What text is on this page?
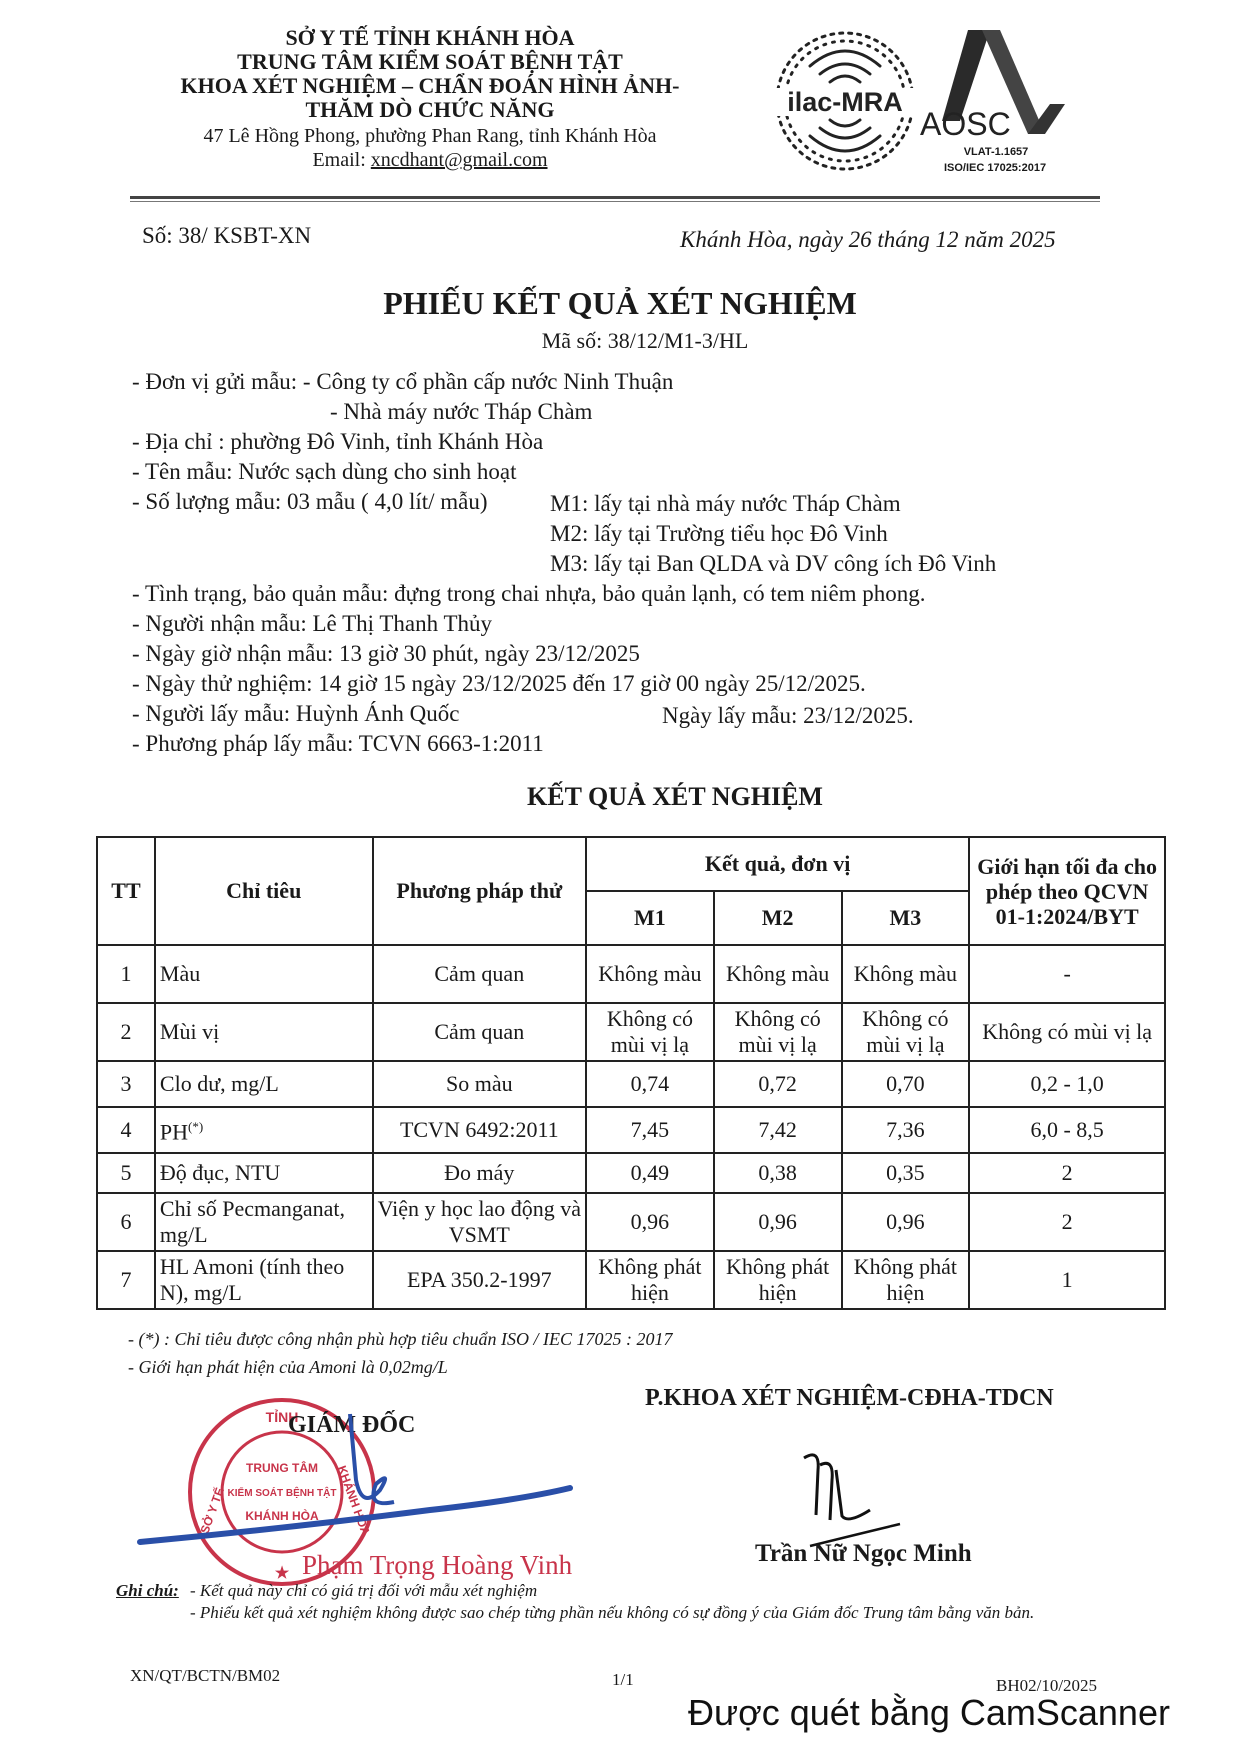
SỞ Y TẾ TỈNH KHÁNH HÒA
TRUNG TÂM KIỂM SOÁT BỆNH TẬT
KHOA XÉT NGHIỆM – CHẨN ĐOÁN HÌNH ẢNH-
THĂM DÒ CHỨC NĂNG
47 Lê Hồng Phong, phường Phan Rang, tỉnh Khánh Hòa
Email: xncdhant@gmail.com
ilac-MRA
AOSC
VLAT-1.1657
ISO/IEC 17025:2017
Số: 38/ KSBT-XN	Khánh Hòa, ngày 26 tháng 12 năm 2025
PHIẾU KẾT QUẢ XÉT NGHIỆM
Mã số: 38/12/M1-3/HL
- Đơn vị gửi mẫu: - Công ty cổ phần cấp nước Ninh Thuận
- Nhà máy nước Tháp Chàm
- Địa chỉ : phường Đô Vinh, tỉnh Khánh Hòa
- Tên mẫu: Nước sạch dùng cho sinh hoạt
- Số lượng mẫu: 03 mẫu ( 4,0 lít/ mẫu)	M1: lấy tại nhà máy nước Tháp Chàm
M2: lấy tại Trường tiểu học Đô Vinh
M3: lấy tại Ban QLDA và DV công ích Đô Vinh
- Tình trạng, bảo quản mẫu: đựng trong chai nhựa, bảo quản lạnh, có tem niêm phong.
- Người nhận mẫu: Lê Thị Thanh Thủy
- Ngày giờ nhận mẫu: 13 giờ 30 phút, ngày 23/12/2025
- Ngày thử nghiệm: 14 giờ 15 ngày 23/12/2025 đến 17 giờ 00 ngày 25/12/2025.
- Người lấy mẫu: Huỳnh Ánh Quốc	Ngày lấy mẫu: 23/12/2025.
- Phương pháp lấy mẫu: TCVN 6663-1:2011
KẾT QUẢ XÉT NGHIỆM
TT	Chỉ tiêu	Phương pháp thử	Kết quả, đơn vị			Giới hạn tối đa cho phép theo QCVN 01-1:2024/BYT
			M1	M2	M3	
1	Màu	Cảm quan	Không màu	Không màu	Không màu	-
2	Mùi vị	Cảm quan	Không có mùi vị lạ	Không có mùi vị lạ	Không có mùi vị lạ	Không có mùi vị lạ
3	Clo dư, mg/L	So màu	0,74	0,72	0,70	0,2 - 1,0
4	PH(*)	TCVN 6492:2011	7,45	7,42	7,36	6,0 - 8,5
5	Độ đục, NTU	Đo máy	0,49	0,38	0,35	2
6	Chỉ số Pecmanganat, mg/L	Viện y học lao động và VSMT	0,96	0,96	0,96	2
7	HL Amoni (tính theo N), mg/L	EPA 350.2-1997	Không phát hiện	Không phát hiện	Không phát hiện	1
- (*) : Chỉ tiêu được công nhận phù hợp tiêu chuẩn ISO / IEC 17025 : 2017
- Giới hạn phát hiện của Amoni là 0,02mg/L
TỈNH
TRUNG TÂM
KIỂM SOÁT BỆNH TẬT
KHÁNH HÒA
SỞ Y TẾ	KHÁNH HÒA
★
GIÁM ĐỐC
Phạm Trọng Hoàng Vinh
P.KHOA XÉT NGHIỆM-CĐHA-TDCN
Trần Nữ Ngọc Minh
Ghi chú: - Kết quả này chỉ có giá trị đối với mẫu xét nghiệm
- Phiếu kết quả xét nghiệm không được sao chép từng phần nếu không có sự đồng ý của Giám đốc Trung tâm bằng văn bản.
XN/QT/BCTN/BM02	1/1	BH02/10/2025
Được quét bằng CamScanner
